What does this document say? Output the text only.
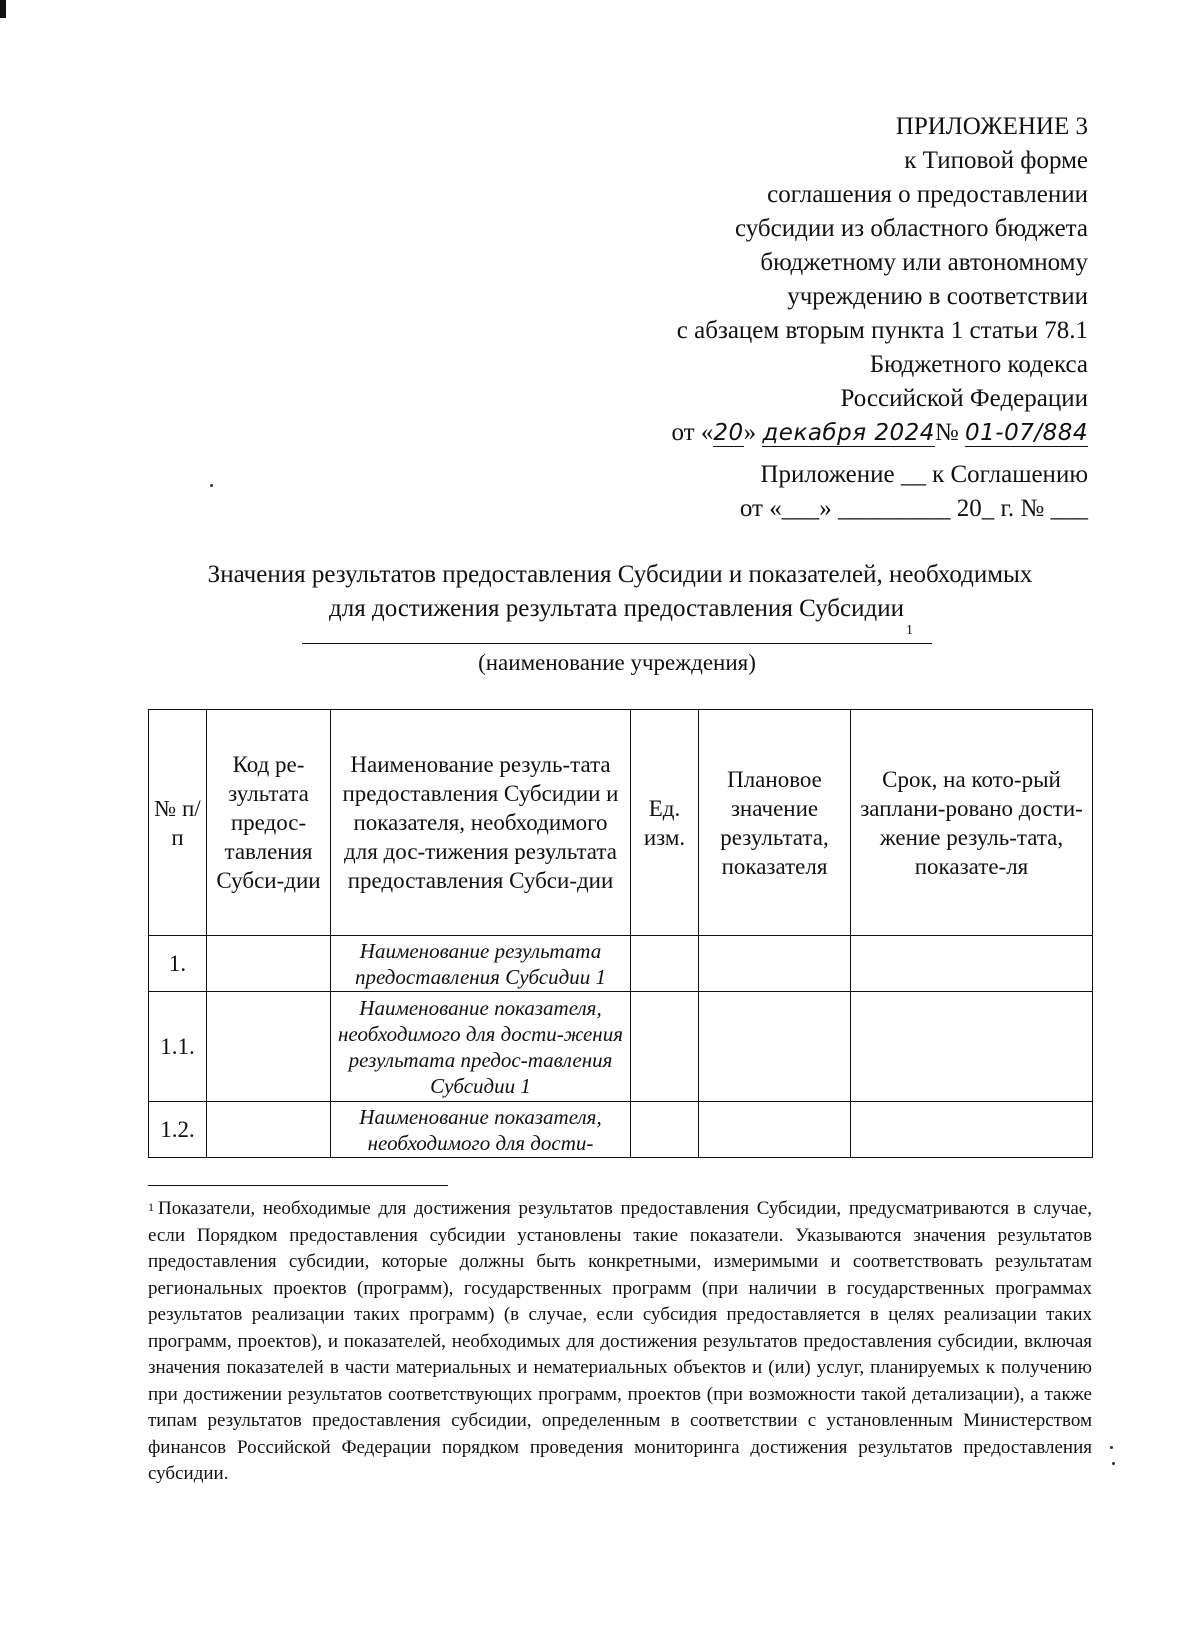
ПРИЛОЖЕНИЕ 3
к Типовой форме
соглашения о предоставлении
субсидии из областного бюджета
бюджетному или автономному
учреждению в соответствии
с абзацем вторым пункта 1 статьи 78.1
Бюджетного кодекса
Российской Федерации
от «20» декабря 2024№ 01-07/884
Приложение __ к Соглашению
от «___» _________ 20_ г. № ___
Значения результатов предоставления Субсидии и показателей, необходимых
для достижения результата предоставления Субсидии1
(наименование учреждения)
№ п/п	Код ре-зультата предос-тавления Субси-дии	Наименование резуль-тата предоставления Субсидии и показателя, необходимого для дос-тижения результата предоставления Субси-дии	Ед. изм.	Плановое значение результата, показателя	Срок, на кото-рый заплани-ровано дости-жение резуль-тата, показате-ля
1.		Наименование результата предоставления Субсидии 1			
1.1.		Наименование показателя, необходимого для дости-жения результата предос-тавления Субсидии 1			
1.2.		Наименование показателя, необходимого для дости-			
$^1$ Показатели, необходимые для достижения результатов предоставления Субсидии, предусматриваются в случае, если Порядком предоставления субсидии установлены такие показатели. Указываются значения результатов предоставления субсидии, которые должны быть конкретными, измеримыми и соответствовать результатам региональных проектов (программ), государственных программ (при наличии в государственных программах результатов реализации таких программ) (в случае, если субсидия предоставляется в целях реализации таких программ, проектов), и показателей, необходимых для достижения результатов предоставления субсидии, включая значения показателей в части материальных и нематериальных объектов и (или) услуг, планируемых к получению при достижении результатов соответствующих программ, проектов (при возможности такой детализации), а также типам результатов предоставления субсидии, определенным в соответствии с установленным Министерством финансов Российской Федерации порядком проведения мониторинга достижения результатов предоставления субсидии.
